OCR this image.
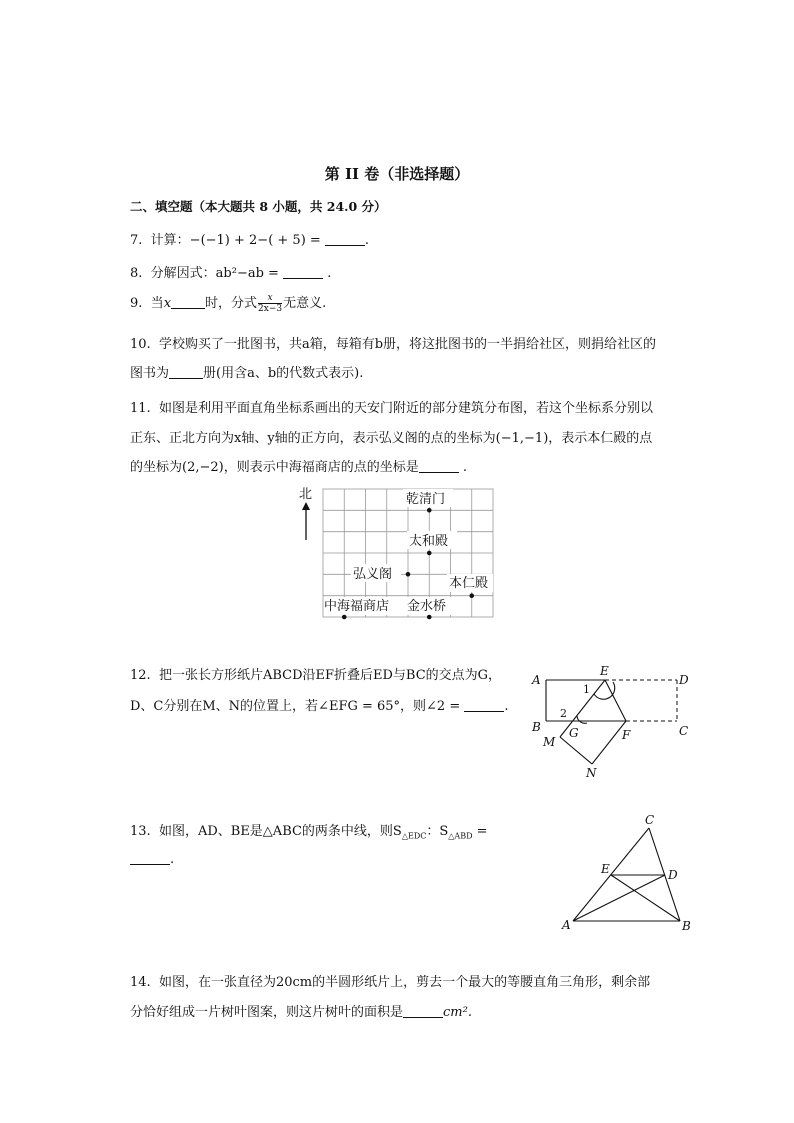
第 II 卷（非选择题）
二、填空题（本大题共 8 小题，共 24.0 分）
7. 计算：−(−1) + 2−( + 5) =	.
8. 分解因式：ab²−ab =	.
9. 当x	时，分式 $\frac{x}{2x-3}$ 无意义.
10. 学校购买了一批图书，共a箱，每箱有b册，将这批图书的一半捐给社区，则捐给社区的
图书为	册(用含a、b的代数式表示).
11. 如图是利用平面直角坐标系画出的天安门附近的部分建筑分布图，若这个坐标系分别以
正东、正北方向为x轴、y轴的正方向，表示弘义阁的点的坐标为(−1,−1)，表示本仁殿的点
的坐标为(2,−2)，则表示中海福商店的点的坐标是	.
北	乾清门
太和殿
弘义阁
本仁殿
中海福商店 金水桥
12. 把一张长方形纸片ABCD沿EF折叠后ED与BC的交点为G，
D、C分别在M、N的位置上，若∠EFG = 65°，则∠2 =	.
A
E
D
1
2
B G	F	C
M
N
13. 如图，AD、BE是△ABC的两条中线，则$S_{\triangle EDC}$：$S_{\triangle ABD}$ =
.
C
E	D
A	B
14. 如图，在一张直径为20cm的半圆形纸片上，剪去一个最大的等腰直角三角形，剩余部
分恰好组成一片树叶图案，则这片树叶的面积是	cm².
